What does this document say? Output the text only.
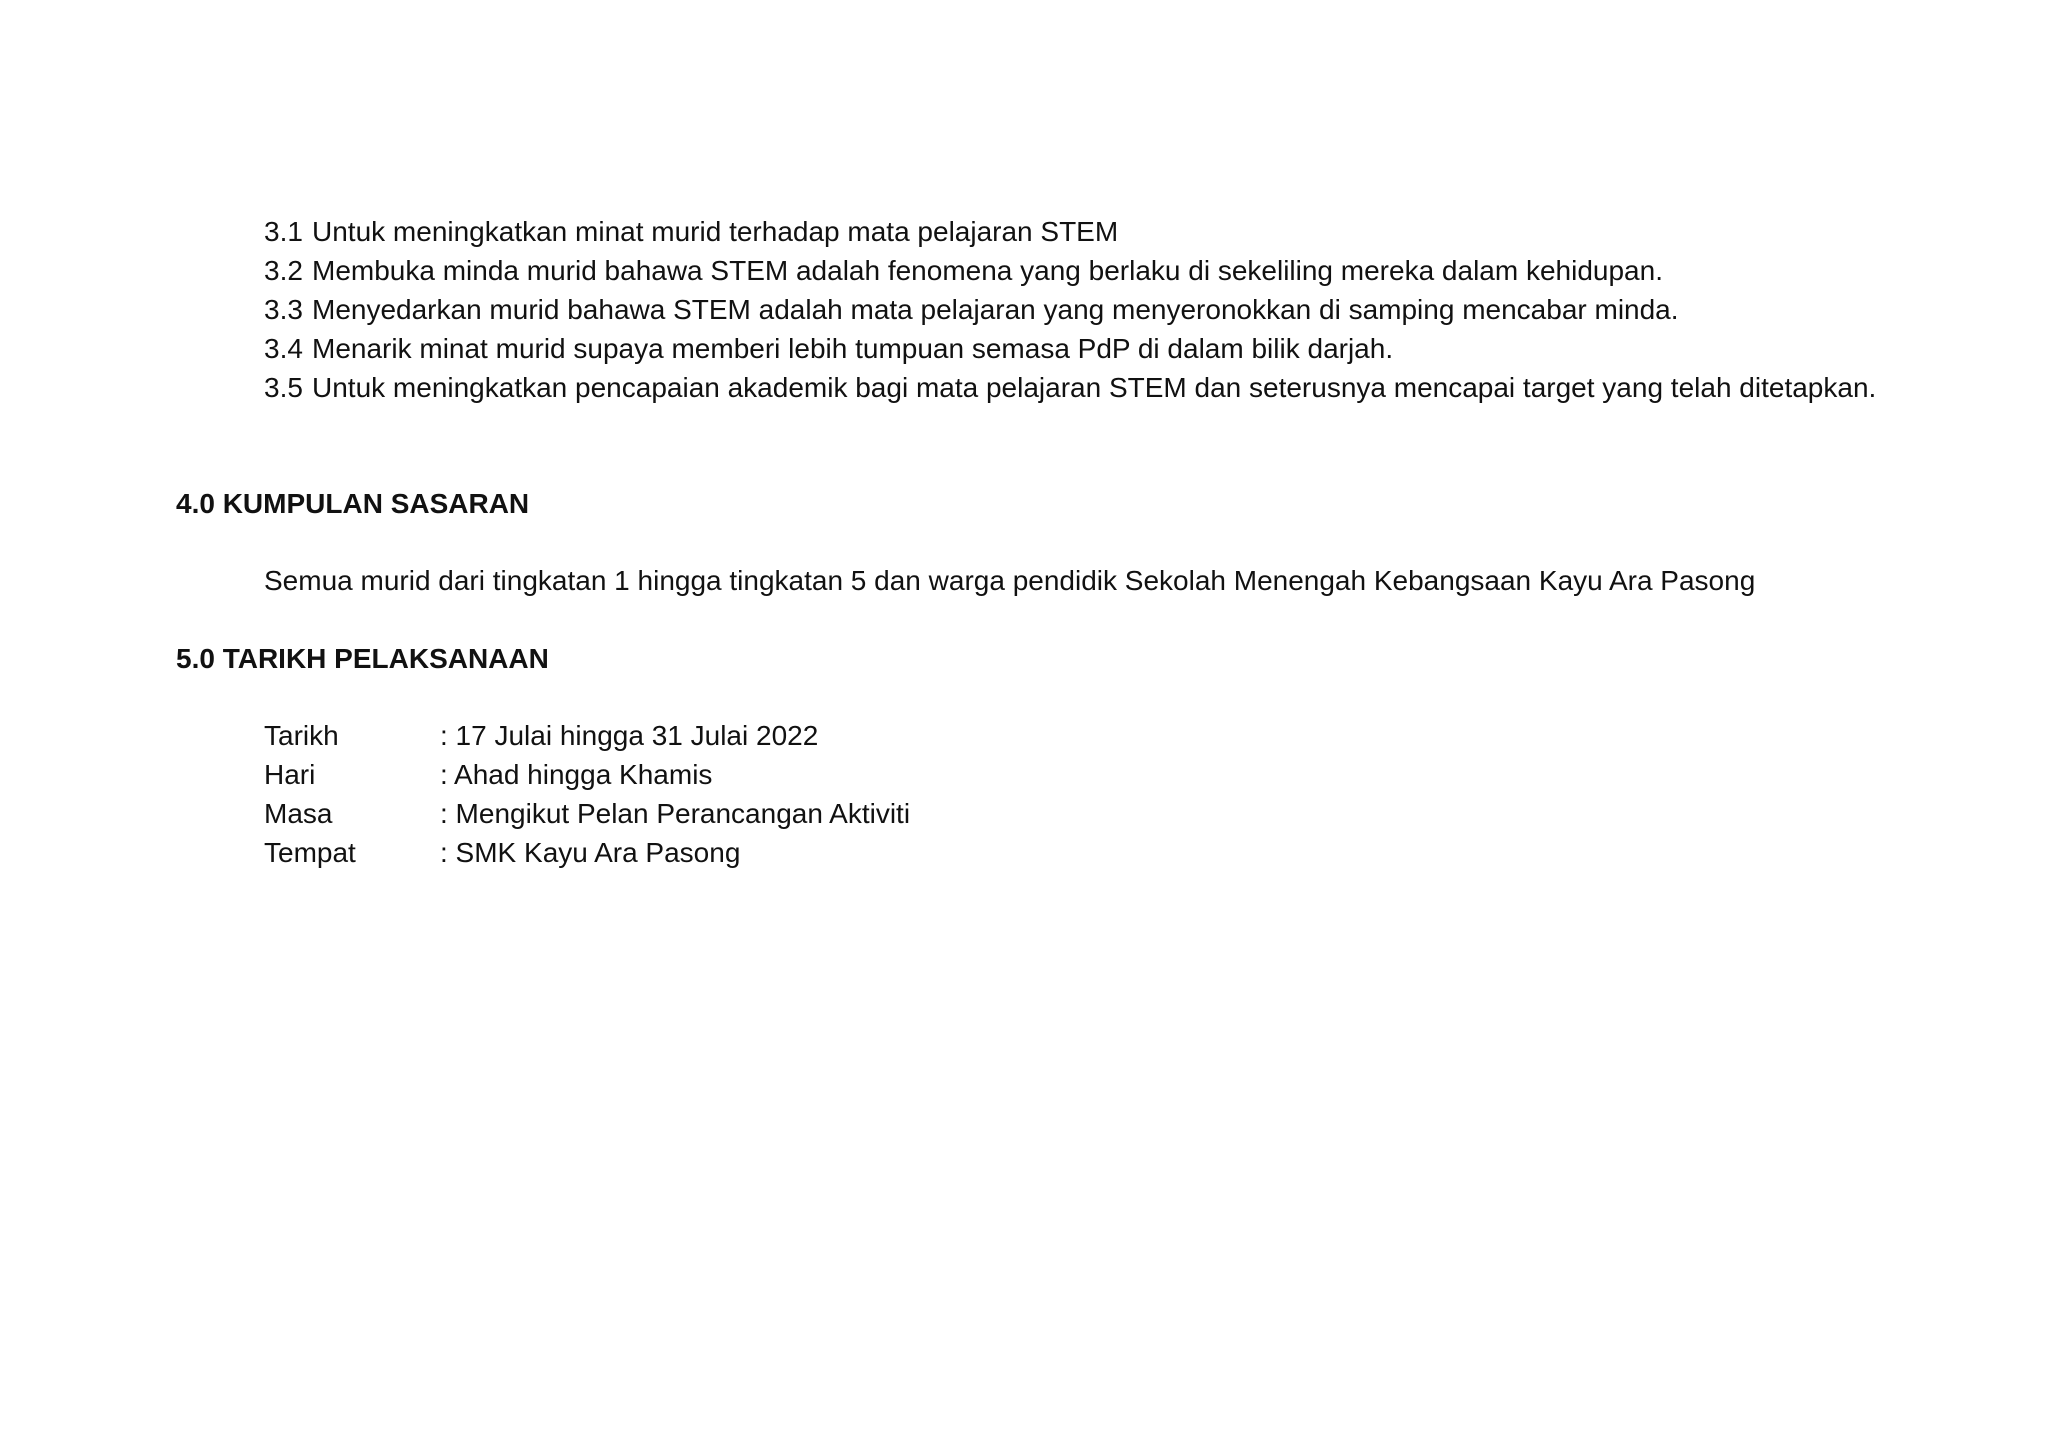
3.1 Untuk meningkatkan minat murid terhadap mata pelajaran STEM
3.2 Membuka minda murid bahawa STEM adalah fenomena yang berlaku di sekeliling mereka dalam kehidupan.
3.3 Menyedarkan murid bahawa STEM adalah mata pelajaran yang menyeronokkan di samping mencabar minda.
3.4 Menarik minat murid supaya memberi lebih tumpuan semasa PdP di dalam bilik darjah.
3.5 Untuk meningkatkan pencapaian akademik bagi mata pelajaran STEM dan seterusnya mencapai target yang telah ditetapkan.
4.0 KUMPULAN SASARAN
Semua murid dari tingkatan 1 hingga tingkatan 5 dan warga pendidik Sekolah Menengah Kebangsaan Kayu Ara Pasong
5.0 TARIKH PELAKSANAAN
Tarikh	: 17 Julai hingga 31 Julai 2022
Hari	: Ahad hingga Khamis
Masa	: Mengikut Pelan Perancangan Aktiviti
Tempat	: SMK Kayu Ara Pasong
